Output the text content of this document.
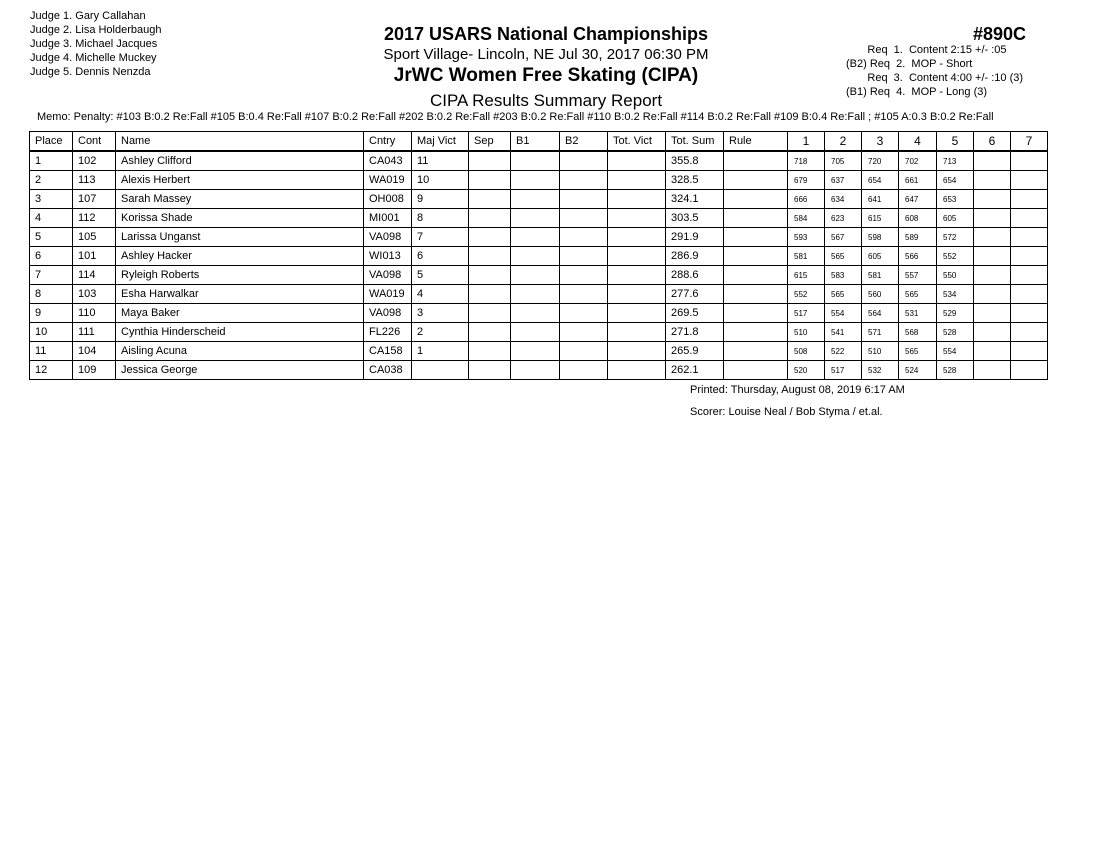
Judge 1. Gary Callahan
Judge 2. Lisa Holderbaugh
Judge 3. Michael Jacques
Judge 4. Michelle Muckey
Judge 5. Dennis Nenzda
2017 USARS National Championships
Sport Village- Lincoln, NE Jul 30, 2017 06:30 PM
JrWC Women Free Skating (CIPA)
CIPA Results Summary Report
#890C
Req  1.  Content 2:15 +/- :05
(B2) Req  2.  MOP - Short
Req  3.  Content 4:00 +/- :10 (3)
(B1) Req  4.  MOP - Long (3)
Memo: Penalty: #103 B:0.2 Re:Fall #105 B:0.4 Re:Fall #107 B:0.2 Re:Fall #202 B:0.2 Re:Fall #203 B:0.2 Re:Fall #110 B:0.2 Re:Fall #114 B:0.2 Re:Fall #109 B:0.4 Re:Fall ; #105 A:0.3 B:0.2 Re:Fall
Place	Cont	Name	Cntry	Maj Vict	Sep	B1	B2	Tot. Vict	Tot. Sum	Rule	1	2	3	4	5	6	7
1	102	Ashley Clifford	CA043	11					355.8		718	705	720	702	713		
2	113	Alexis Herbert	WA019	10					328.5		679	637	654	661	654		
3	107	Sarah Massey	OH008	9					324.1		666	634	641	647	653		
4	112	Korissa Shade	MI001	8					303.5		584	623	615	608	605		
5	105	Larissa Unganst	VA098	7					291.9		593	567	598	589	572		
6	101	Ashley Hacker	WI013	6					286.9		581	565	605	566	552		
7	114	Ryleigh Roberts	VA098	5					288.6		615	583	581	557	550		
8	103	Esha Harwalkar	WA019	4					277.6		552	565	560	565	534		
9	110	Maya Baker	VA098	3					269.5		517	554	564	531	529		
10	111	Cynthia Hinderscheid	FL226	2					271.8		510	541	571	568	528		
11	104	Aisling Acuna	CA158	1					265.9		508	522	510	565	554		
12	109	Jessica George	CA038						262.1		520	517	532	524	528		
Printed: Thursday, August 08, 2019 6:17 AM
Scorer: Louise Neal / Bob Styma / et.al.
